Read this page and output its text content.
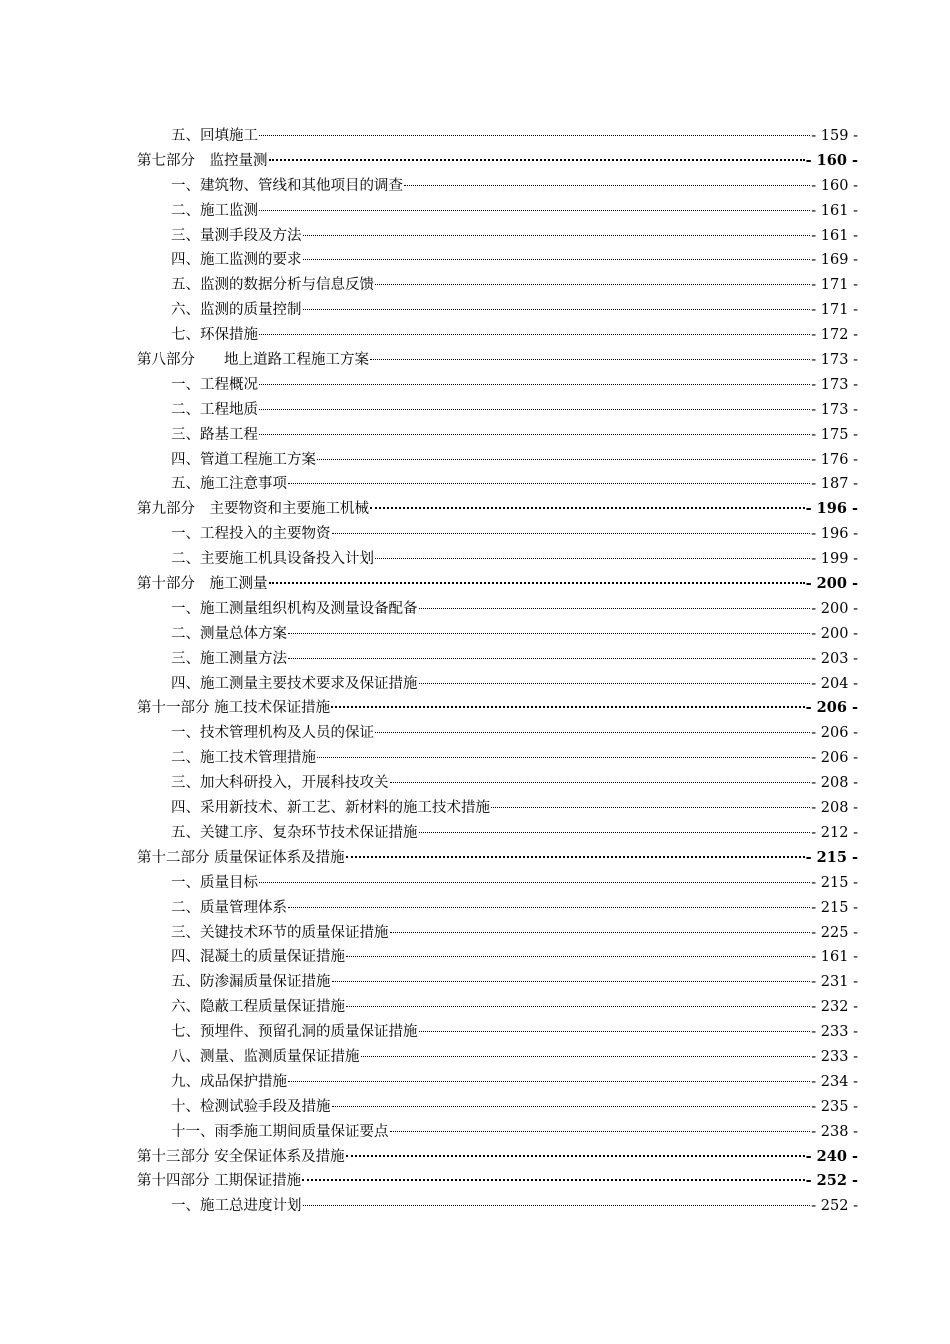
五、回填施工	- 159 -
第七部分　监控量测	- 160 -
一、建筑物、管线和其他项目的调查	- 160 -
二、施工监测	- 161 -
三、量测手段及方法	- 161 -
四、施工监测的要求	- 169 -
五、监测的数据分析与信息反馈	- 171 -
六、监测的质量控制	- 171 -
七、环保措施	- 172 -
第八部分　　地上道路工程施工方案	- 173 -
一、工程概况	- 173 -
二、工程地质	- 173 -
三、路基工程	- 175 -
四、管道工程施工方案	- 176 -
五、施工注意事项	- 187 -
第九部分　主要物资和主要施工机械	- 196 -
一、工程投入的主要物资	- 196 -
二、主要施工机具设备投入计划	- 199 -
第十部分　施工测量	- 200 -
一、施工测量组织机构及测量设备配备	- 200 -
二、测量总体方案	- 200 -
三、施工测量方法	- 203 -
四、施工测量主要技术要求及保证措施	- 204 -
第十一部分 施工技术保证措施	- 206 -
一、技术管理机构及人员的保证	- 206 -
二、施工技术管理措施	- 206 -
三、加大科研投入，开展科技攻关	- 208 -
四、采用新技术、新工艺、新材料的施工技术措施	- 208 -
五、关键工序、复杂环节技术保证措施	- 212 -
第十二部分 质量保证体系及措施	- 215 -
一、质量目标	- 215 -
二、质量管理体系	- 215 -
三、关键技术环节的质量保证措施	- 225 -
四、混凝土的质量保证措施	- 161 -
五、防渗漏质量保证措施	- 231 -
六、隐蔽工程质量保证措施	- 232 -
七、预埋件、预留孔洞的质量保证措施	- 233 -
八、测量、监测质量保证措施	- 233 -
九、成品保护措施	- 234 -
十、检测试验手段及措施	- 235 -
十一、雨季施工期间质量保证要点	- 238 -
第十三部分 安全保证体系及措施	- 240 -
第十四部分 工期保证措施	- 252 -
一、施工总进度计划	- 252 -
